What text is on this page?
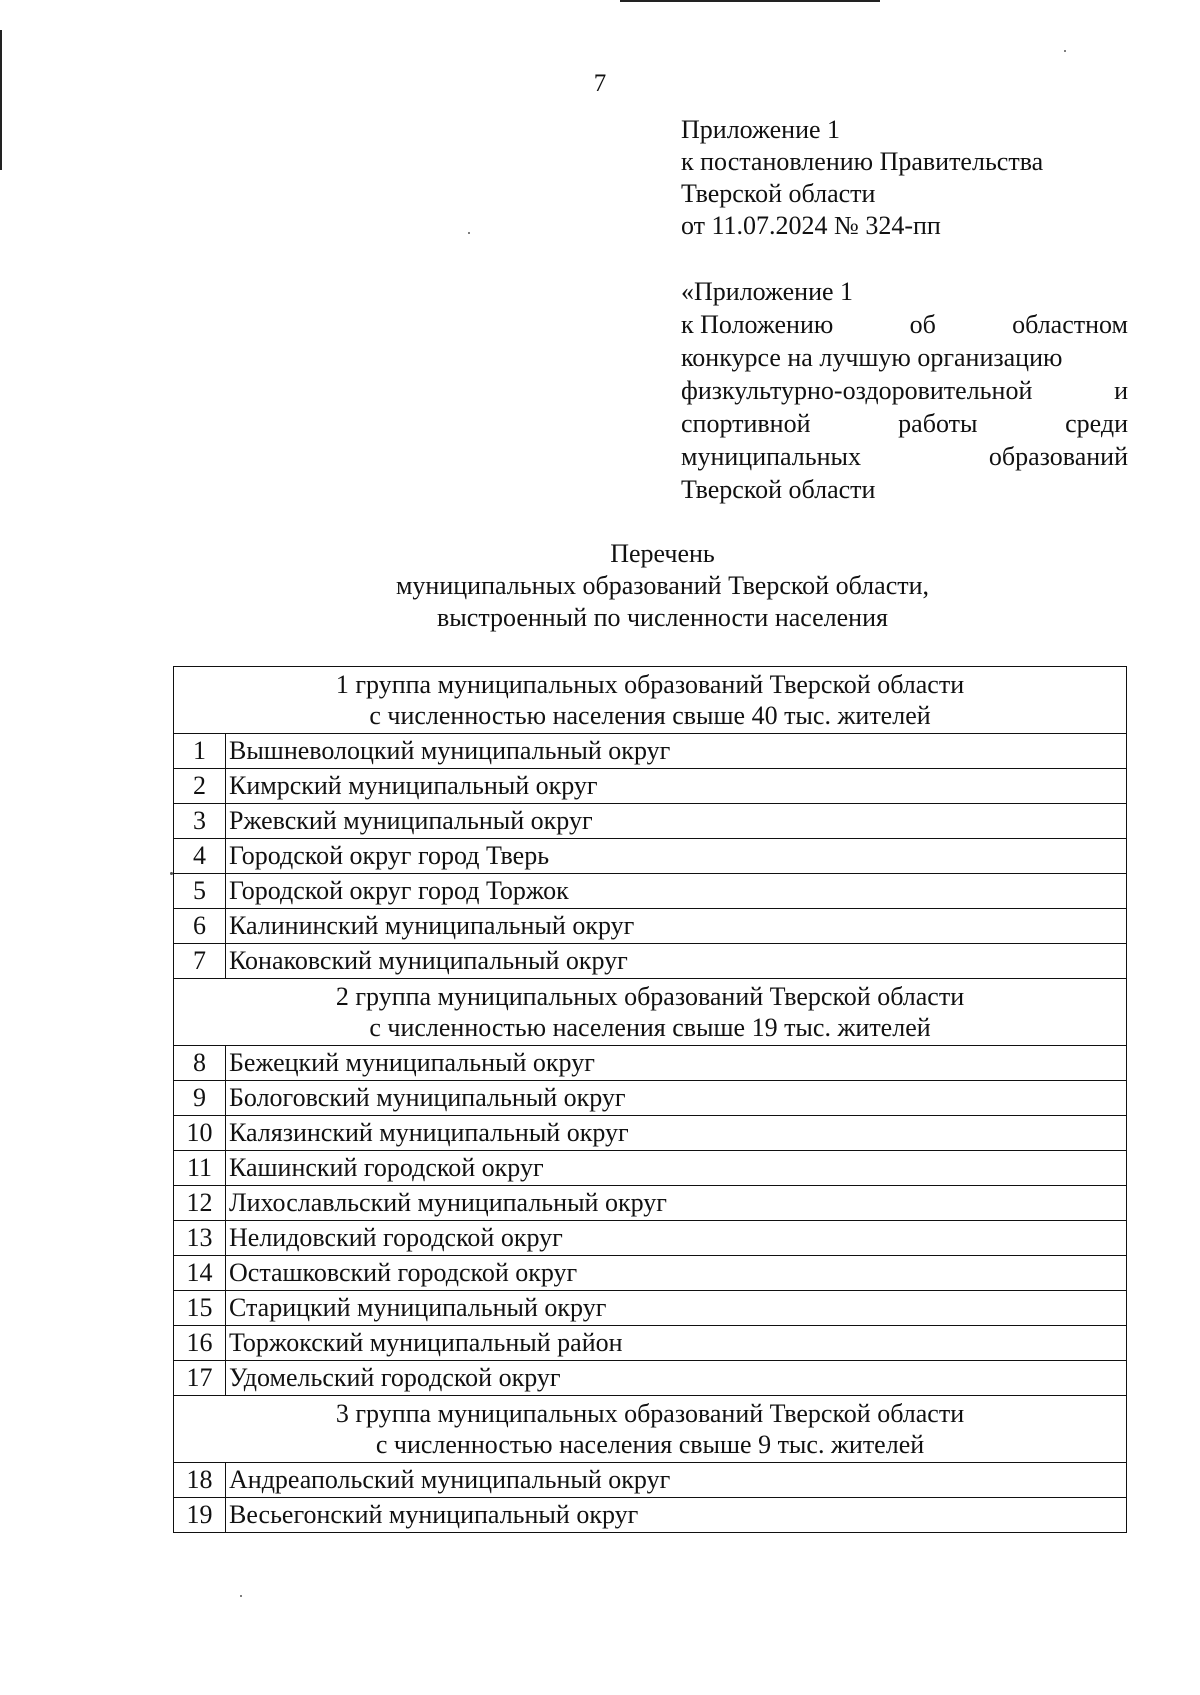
7
Приложение 1
к постановлению Правительства
Тверской области
от 11.07.2024 № 324-пп
«Приложение 1
к Положению	об	областном
конкурсе на лучшую организацию
физкультурно-оздоровительной	и
спортивной	работы	среди
муниципальных	образований
Тверской области
Перечень
муниципальных образований Тверской области,
выстроенный по численности населения
1 группа муниципальных образований Тверской области
с численностью населения свыше 40 тыс. жителей	

1	Вышневолоцкий муниципальный округ
2	Кимрский муниципальный округ
3	Ржевский муниципальный округ
4	Городской округ город Тверь
5	Городской округ город Торжок
6	Калининский муниципальный округ
7	Конаковский муниципальный округ

2 группа муниципальных образований Тверской области
с численностью населения свыше 19 тыс. жителей	

8	Бежецкий муниципальный округ
9	Бологовский муниципальный округ
10	Калязинский муниципальный округ
11	Кашинский городской округ
12	Лихославльский муниципальный округ
13	Нелидовский городской округ
14	Осташковский городской округ
15	Старицкий муниципальный округ
16	Торжокский муниципальный район
17	Удомельский городской округ

3 группа муниципальных образований Тверской области
с численностью населения свыше 9 тыс. жителей	

18	Андреапольский муниципальный округ
19	Весьегонский муниципальный округ
